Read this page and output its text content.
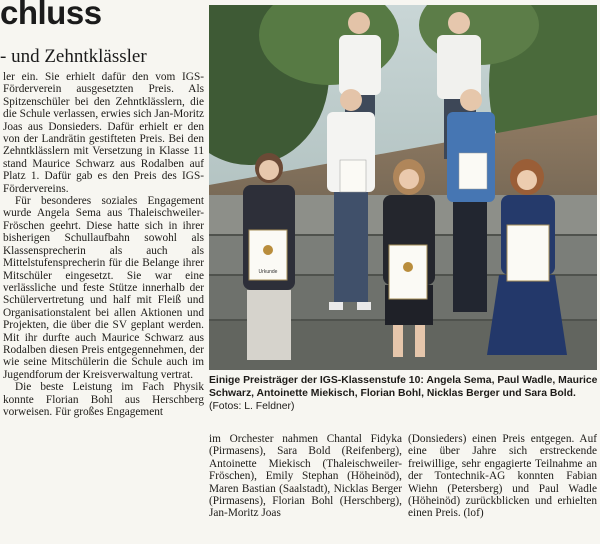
chluss
- und Zehntklässler

ler ein. Sie erhielt dafür den vom IGS-Förderverein ausgesetzten Preis. Als Spitzenschüler bei den Zehntklässlern, die die Schule verlassen, erwies sich Jan-Moritz Joas aus Donsieders. Dafür erhielt er den von der Landrätin gestifteten Preis. Bei den Zehntklässlern mit Versetzung in Klasse 11 stand Maurice Schwarz aus Rodalben auf Platz 1. Dafür gab es den Preis des IGS-Fördervereins.

Für besonderes soziales Engagement wurde Angela Sema aus Thaleischweiler-Fröschen geehrt. Diese hatte sich in ihrer bisherigen Schullaufbahn sowohl als Klassensprecherin als auch als Mittelstufensprecherin für die Belange ihrer Mitschüler eingesetzt. Sie war eine verlässliche und feste Stütze innerhalb der Schülervertretung und half mit Fleiß und Organisationstalent bei allen Aktionen und Projekten, die über die SV geplant werden. Mit ihr durfte auch Maurice Schwarz aus Rodalben diesen Preis entgegennehmen, der wie seine Mitschülerin die Schule auch im Jugendforum der Kreisverwaltung vertrat.

Die beste Leistung im Fach Physik konnte Florian Bohl aus Herschberg vorweisen. Für großes Engagement

Urkunde
Einige Preisträger der IGS-Klassenstufe 10: Angela Sema, Paul Wadle, Maurice Schwarz, Antoinette Miekisch, Florian Bohl, Nicklas Berger und Sara Bold. (Fotos: L. Feldner)

im Orchester nahmen Chantal Fidyka (Pirmasens), Sara Bold (Reifenberg), Antoinette Miekisch (Thaleischweiler-Fröschen), Emily Stephan (Höheinöd), Maren Bastian (Saalstadt), Nicklas Berger (Pirmasens), Florian Bohl (Herschberg), Jan-Moritz Joas

(Donsieders) einen Preis entgegen. Auf eine über Jahre sich erstreckende freiwillige, sehr engagierte Teilnahme an der Tontechnik-AG konnten Fabian Wiehn (Petersberg) und Paul Wadle (Höheinöd) zurückblicken und erhielten einen Preis. (lof)
